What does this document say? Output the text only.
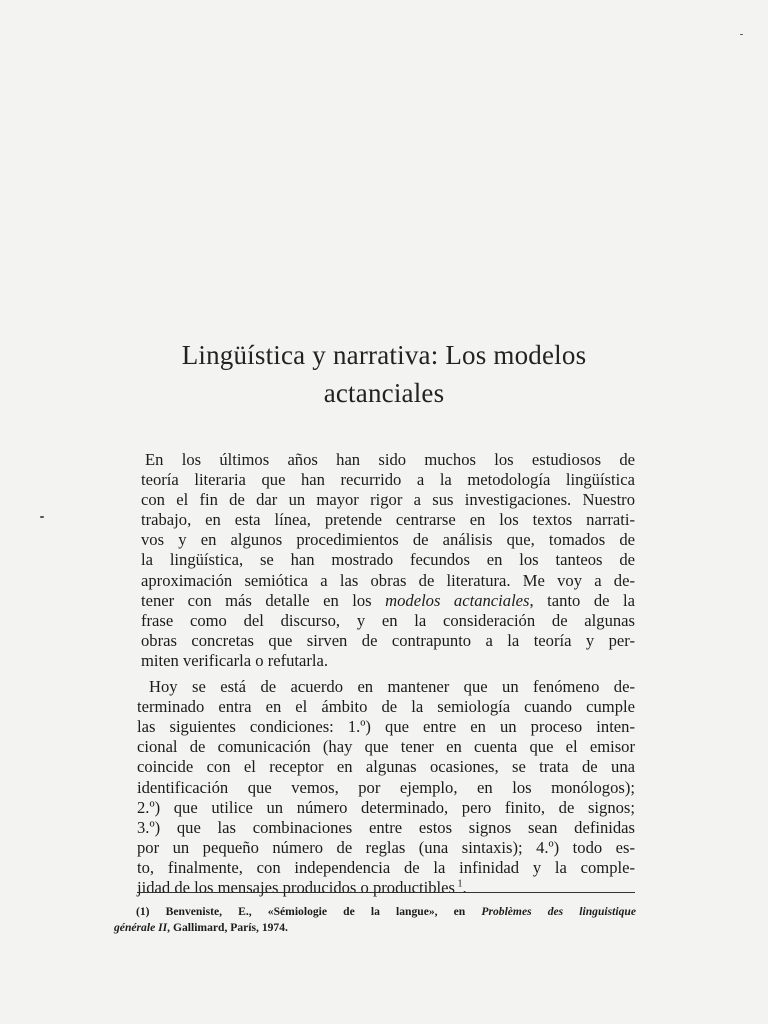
Lingüística y narrativa: Los modelos
actanciales

En los últimos años han sido muchos los estudiosos de
teoría literaria que han recurrido a la metodología lingüística
con el fin de dar un mayor rigor a sus investigaciones. Nuestro
trabajo, en esta línea, pretende centrarse en los textos narrati-
vos y en algunos procedimientos de análisis que, tomados de
la lingüística, se han mostrado fecundos en los tanteos de
aproximación semiótica a las obras de literatura. Me voy a de-
tener con más detalle en los modelos actanciales, tanto de la
frase como del discurso, y en la consideración de algunas
obras concretas que sirven de contrapunto a la teoría y per-
miten verificarla o refutarla.

Hoy se está de acuerdo en mantener que un fenómeno de-
terminado entra en el ámbito de la semiología cuando cumple
las siguientes condiciones: 1.º) que entre en un proceso inten-
cional de comunicación (hay que tener en cuenta que el emisor
coincide con el receptor en algunas ocasiones, se trata de una
identificación que vemos, por ejemplo, en los monólogos);
2.º) que utilice un número determinado, pero finito, de signos;
3.º) que las combinaciones entre estos signos sean definidas
por un pequeño número de reglas (una sintaxis); 4.º) todo es-
to, finalmente, con independencia de la infinidad y la comple-
jidad de los mensajes producidos o productibles $^1$.

(1) Benveniste, E., «Sémiologie de la langue», en Problèmes des linguistique
générale II, Gallimard, París, 1974.
